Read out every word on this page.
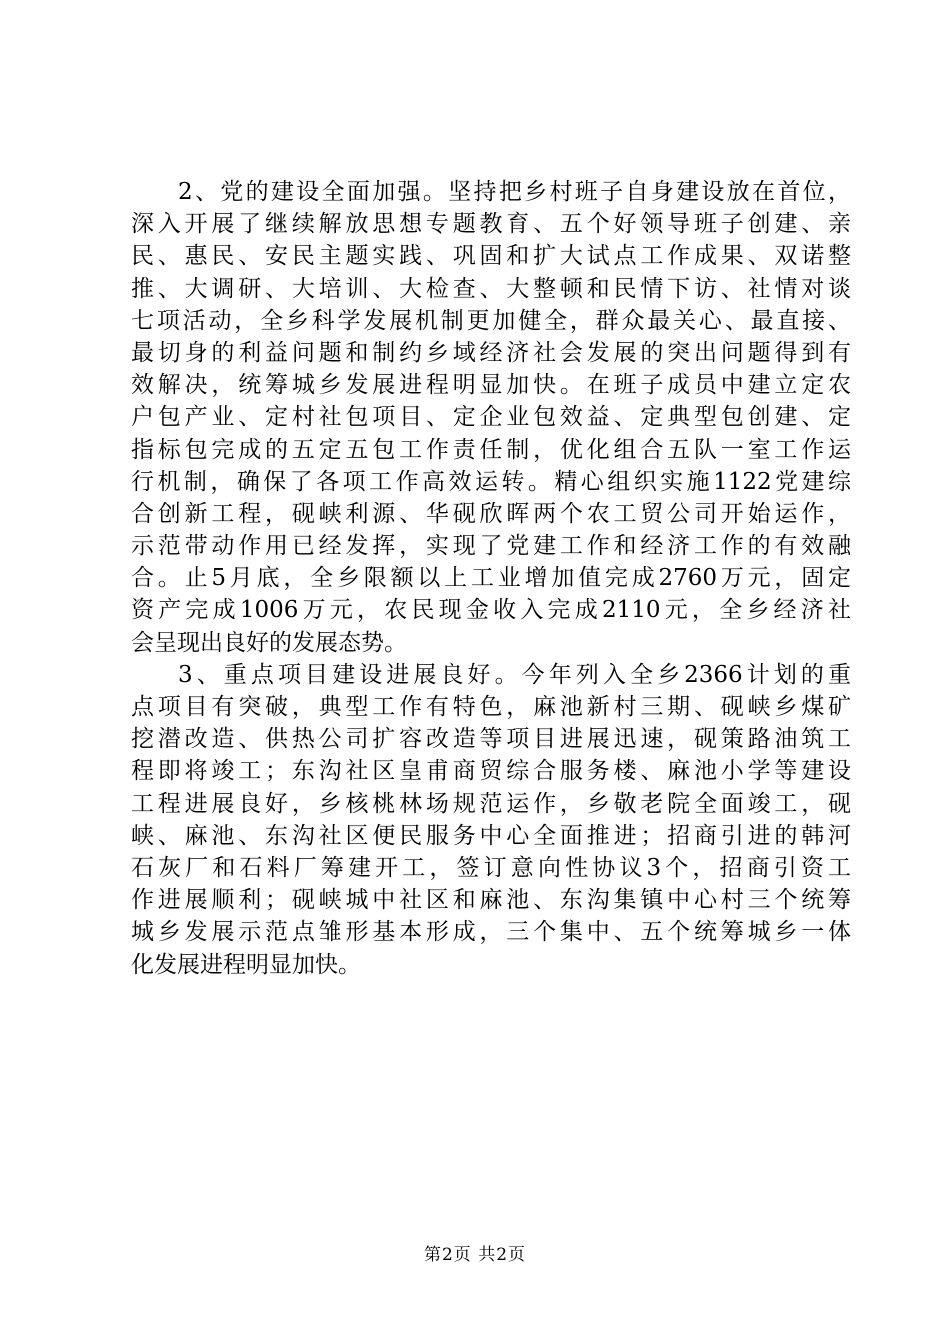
2、党的建设全面加强。坚持把乡村班子自身建设放在首位，
深入开展了继续解放思想专题教育、五个好领导班子创建、亲
民、惠民、安民主题实践、巩固和扩大试点工作成果、双诺整
推、大调研、大培训、大检查、大整顿和民情下访、社情对谈
七项活动，全乡科学发展机制更加健全，群众最关心、最直接、
最切身的利益问题和制约乡域经济社会发展的突出问题得到有
效解决，统筹城乡发展进程明显加快。在班子成员中建立定农
户包产业、定村社包项目、定企业包效益、定典型包创建、定
指标包完成的五定五包工作责任制，优化组合五队一室工作运
行机制，确保了各项工作高效运转。精心组织实施1122党建综
合创新工程，砚峡利源、华砚欣晖两个农工贸公司开始运作，
示范带动作用已经发挥，实现了党建工作和经济工作的有效融
合。止5月底，全乡限额以上工业增加值完成2760万元，固定
资产完成1006万元，农民现金收入完成2110元，全乡经济社
会呈现出良好的发展态势。
3、重点项目建设进展良好。今年列入全乡2366计划的重
点项目有突破，典型工作有特色，麻池新村三期、砚峡乡煤矿
挖潜改造、供热公司扩容改造等项目进展迅速，砚策路油筑工
程即将竣工；东沟社区皇甫商贸综合服务楼、麻池小学等建设
工程进展良好，乡核桃林场规范运作，乡敬老院全面竣工，砚
峡、麻池、东沟社区便民服务中心全面推进；招商引进的韩河
石灰厂和石料厂筹建开工，签订意向性协议3个，招商引资工
作进展顺利；砚峡城中社区和麻池、东沟集镇中心村三个统筹
城乡发展示范点雏形基本形成，三个集中、五个统筹城乡一体
化发展进程明显加快。
第2页 共2页
